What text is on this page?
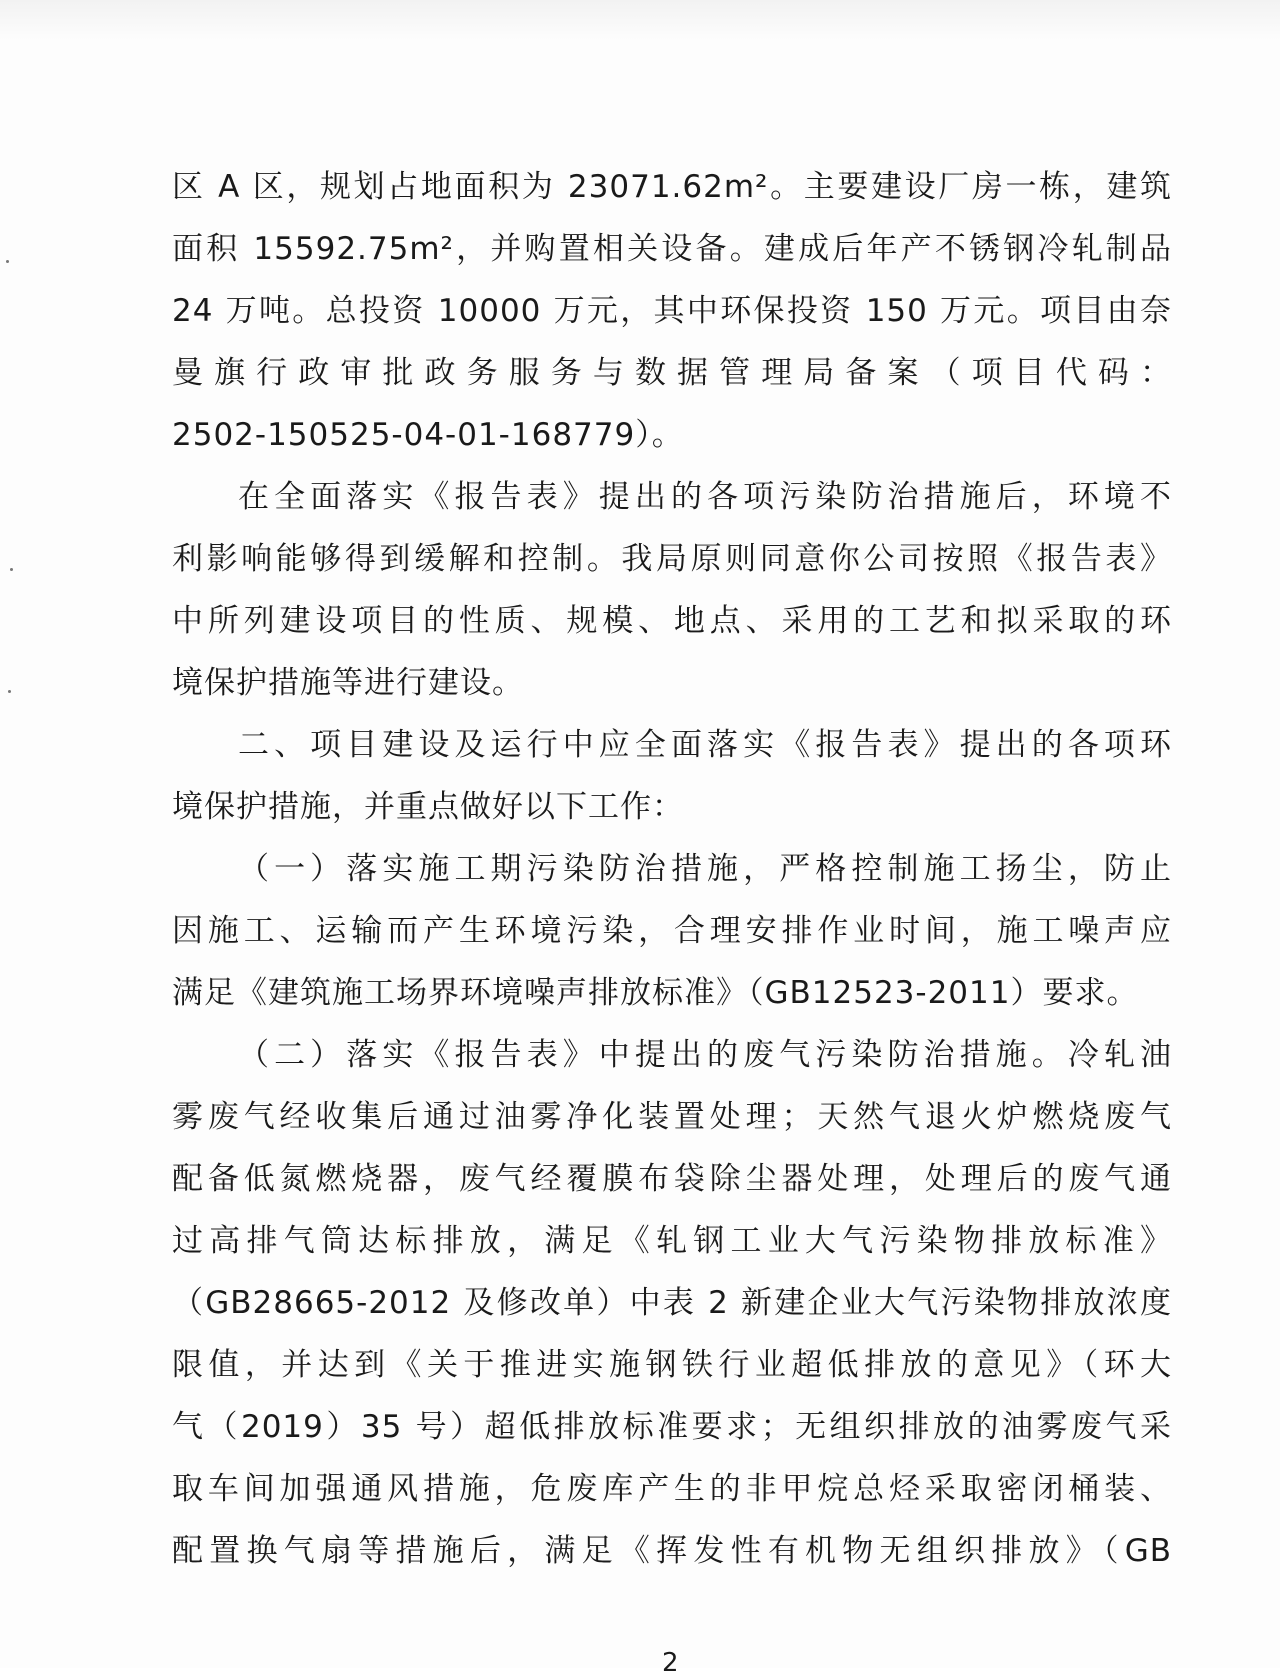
区 A 区，规划占地面积为 23071.62m²。主要建设厂房一栋，建筑
面积 15592.75m²，并购置相关设备。建成后年产不锈钢冷轧制品
24 万吨。总投资 10000 万元，其中环保投资 150 万元。项目由奈
曼旗行政审批政务服务与数据管理局备案（项目代码：
2502-150525-04-01-168779）。
在全面落实《报告表》提出的各项污染防治措施后，环境不
利影响能够得到缓解和控制。我局原则同意你公司按照《报告表》
中所列建设项目的性质、规模、地点、采用的工艺和拟采取的环
境保护措施等进行建设。
二、项目建设及运行中应全面落实《报告表》提出的各项环
境保护措施，并重点做好以下工作：
（一）落实施工期污染防治措施，严格控制施工扬尘，防止
因施工、运输而产生环境污染，合理安排作业时间，施工噪声应
满足《建筑施工场界环境噪声排放标准》（GB12523-2011）要求。
（二）落实《报告表》中提出的废气污染防治措施。冷轧油
雾废气经收集后通过油雾净化装置处理；天然气退火炉燃烧废气
配备低氮燃烧器，废气经覆膜布袋除尘器处理，处理后的废气通
过高排气筒达标排放，满足《轧钢工业大气污染物排放标准》
（GB28665-2012 及修改单）中表 2 新建企业大气污染物排放浓度
限值，并达到《关于推进实施钢铁行业超低排放的意见》（环大
气（2019）35 号）超低排放标准要求；无组织排放的油雾废气采
取车间加强通风措施，危废库产生的非甲烷总烃采取密闭桶装、
配置换气扇等措施后，满足《挥发性有机物无组织排放》（GB
2
